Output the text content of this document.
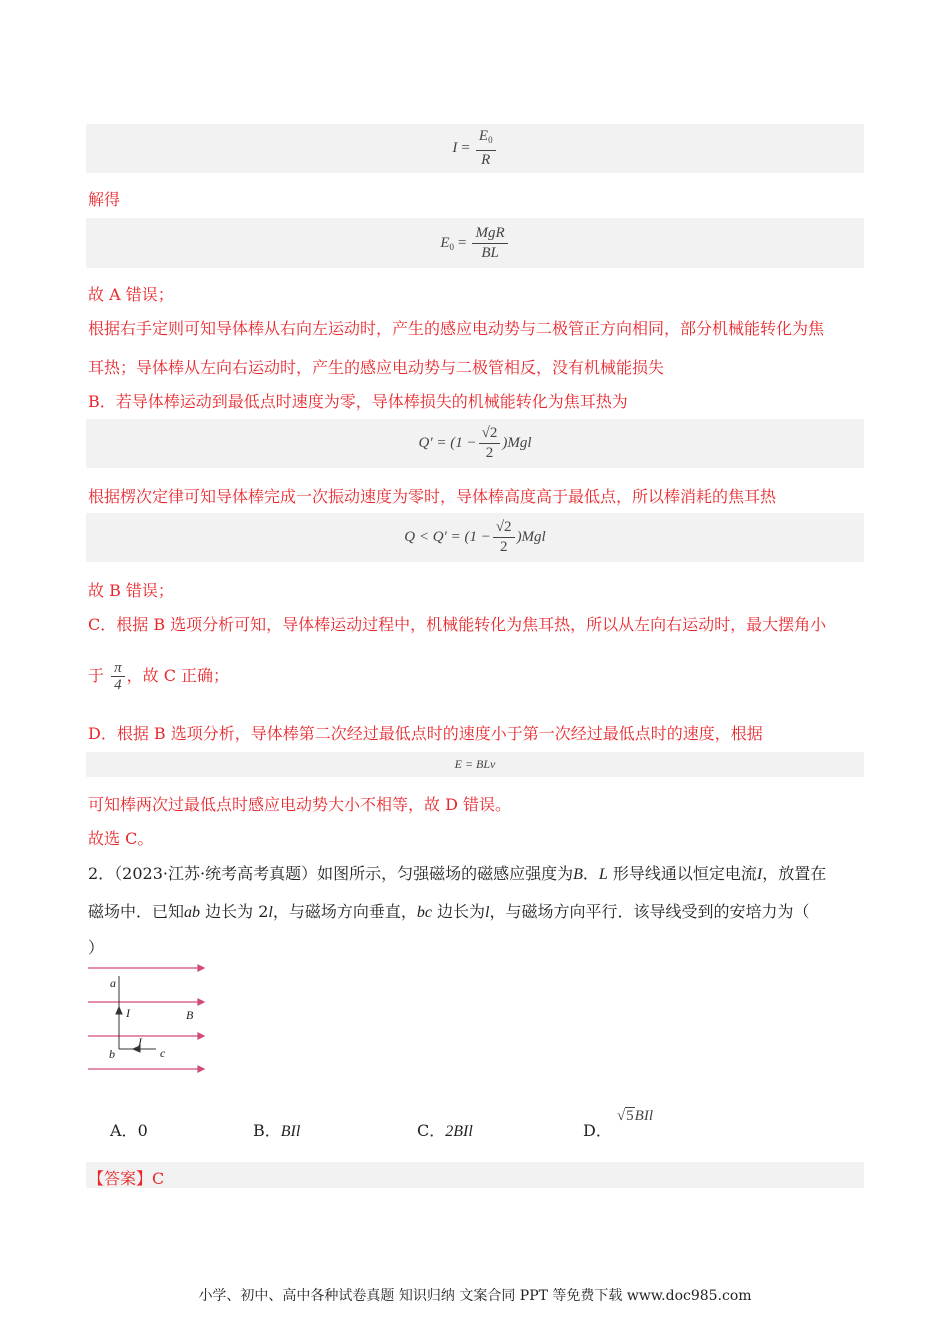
$I = \frac{E_0}{R}$
解得
$E_0 = \frac{\text{MgR}}{BL}$
故 A 错误；
根据右手定则可知导体棒从右向左运动时，产生的感应电动势与二极管正方向相同，部分机械能转化为焦
耳热；导体棒从左向右运动时，产生的感应电动势与二极管相反，没有机械能损失
B．若导体棒运动到最低点时速度为零，导体棒损失的机械能转化为焦耳热为
$Q' = (1 - \frac{√2}{2} )Mgl$
根据楞次定律可知导体棒完成一次振动速度为零时，导体棒高度高于最低点，所以棒消耗的焦耳热
$Q < Q' = (1 - \frac{√2}{2} )Mgl$
故 B 错误；
C．根据 B 选项分析可知，导体棒运动过程中，机械能转化为焦耳热，所以从左向右运动时，最大摆角小
于 $\frac{\pi}{4}$ ，故 C 正确；
D．根据 B 选项分析，导体棒第二次经过最低点时的速度小于第一次经过最低点时的速度，根据
E = BLv
可知棒两次过最低点时感应电动势大小不相等，故 D 错误。
故选 C。
2．（2023·江苏·统考高考真题）如图所示，匀强磁场的磁感应强度为B．L 形导线通以恒定电流I，放置在
磁场中．已知ab 边长为 2l，与磁场方向垂直，bc 边长为l，与磁场方向平行．该导线受到的安培力为（
）
a
I	B
I
b	c
A．0	B．BIl	C．2BIl	D． √5BIl
【答案】C
小学、初中、高中各种试卷真题 知识归纳 文案合同 PPT 等免费下载 www.doc985.com
